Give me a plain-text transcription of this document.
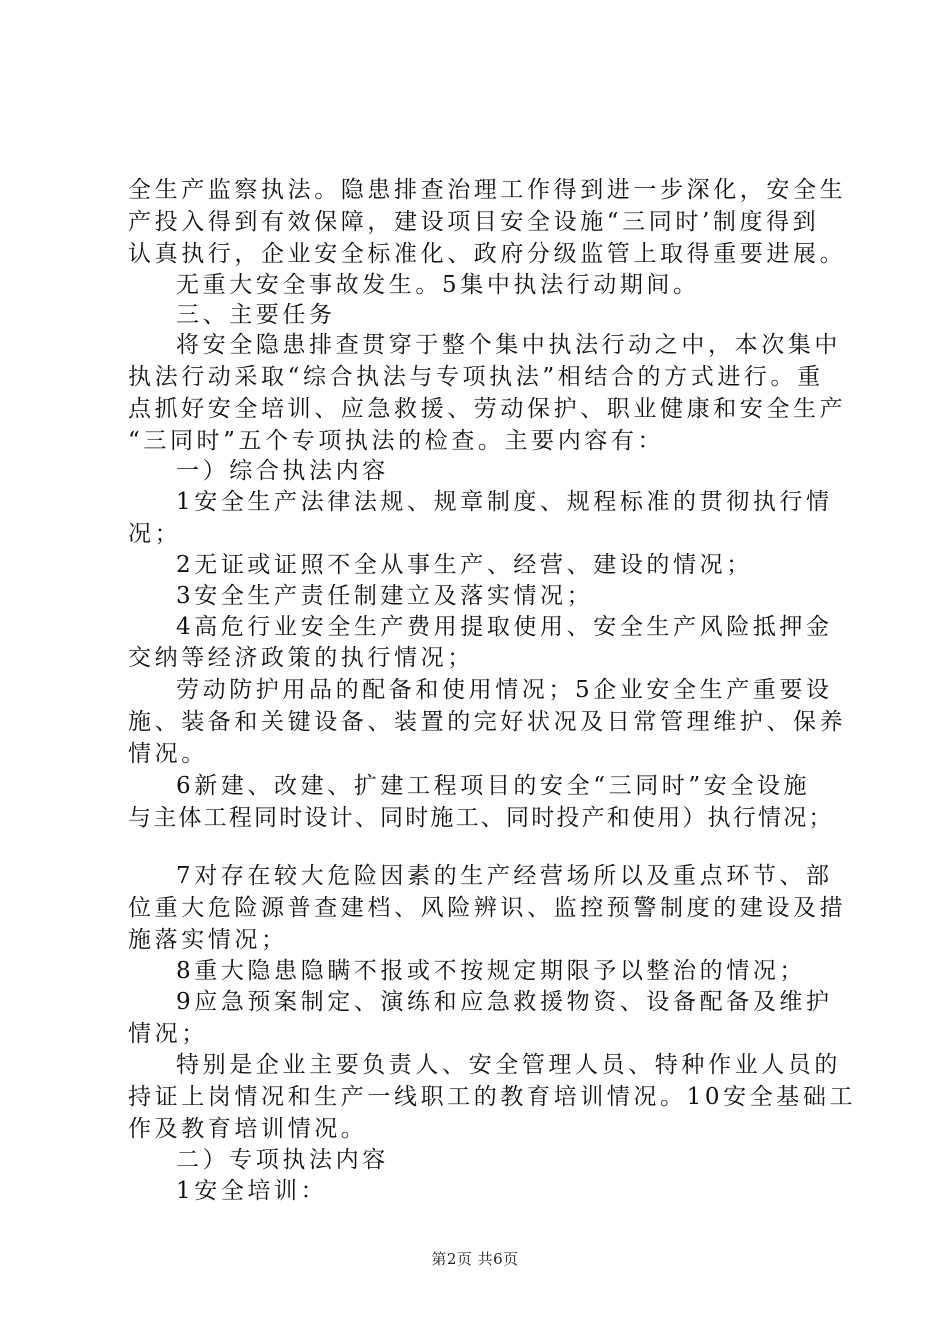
全生产监察执法。隐患排查治理工作得到进一步深化，安全生
产投入得到有效保障，建设项目安全设施“三同时’制度得到
认真执行，企业安全标准化、政府分级监管上取得重要进展。
无重大安全事故发生。5集中执法行动期间。
三、主要任务
将安全隐患排查贯穿于整个集中执法行动之中，本次集中
执法行动采取“综合执法与专项执法”相结合的方式进行。重
点抓好安全培训、应急救援、劳动保护、职业健康和安全生产
“三同时”五个专项执法的检查。主要内容有：
一）综合执法内容
1安全生产法律法规、规章制度、规程标准的贯彻执行情
况；
2无证或证照不全从事生产、经营、建设的情况；
3安全生产责任制建立及落实情况；
4高危行业安全生产费用提取使用、安全生产风险抵押金
交纳等经济政策的执行情况；
劳动防护用品的配备和使用情况；5企业安全生产重要设
施、装备和关键设备、装置的完好状况及日常管理维护、保养
情况。
6新建、改建、扩建工程项目的安全“三同时”安全设施
与主体工程同时设计、同时施工、同时投产和使用）执行情况；
7对存在较大危险因素的生产经营场所以及重点环节、部
位重大危险源普查建档、风险辨识、监控预警制度的建设及措
施落实情况；
8重大隐患隐瞒不报或不按规定期限予以整治的情况；
9应急预案制定、演练和应急救援物资、设备配备及维护
情况；
特别是企业主要负责人、安全管理人员、特种作业人员的
持证上岗情况和生产一线职工的教育培训情况。10安全基础工
作及教育培训情况。
二）专项执法内容
1安全培训：
第2页 共6页
